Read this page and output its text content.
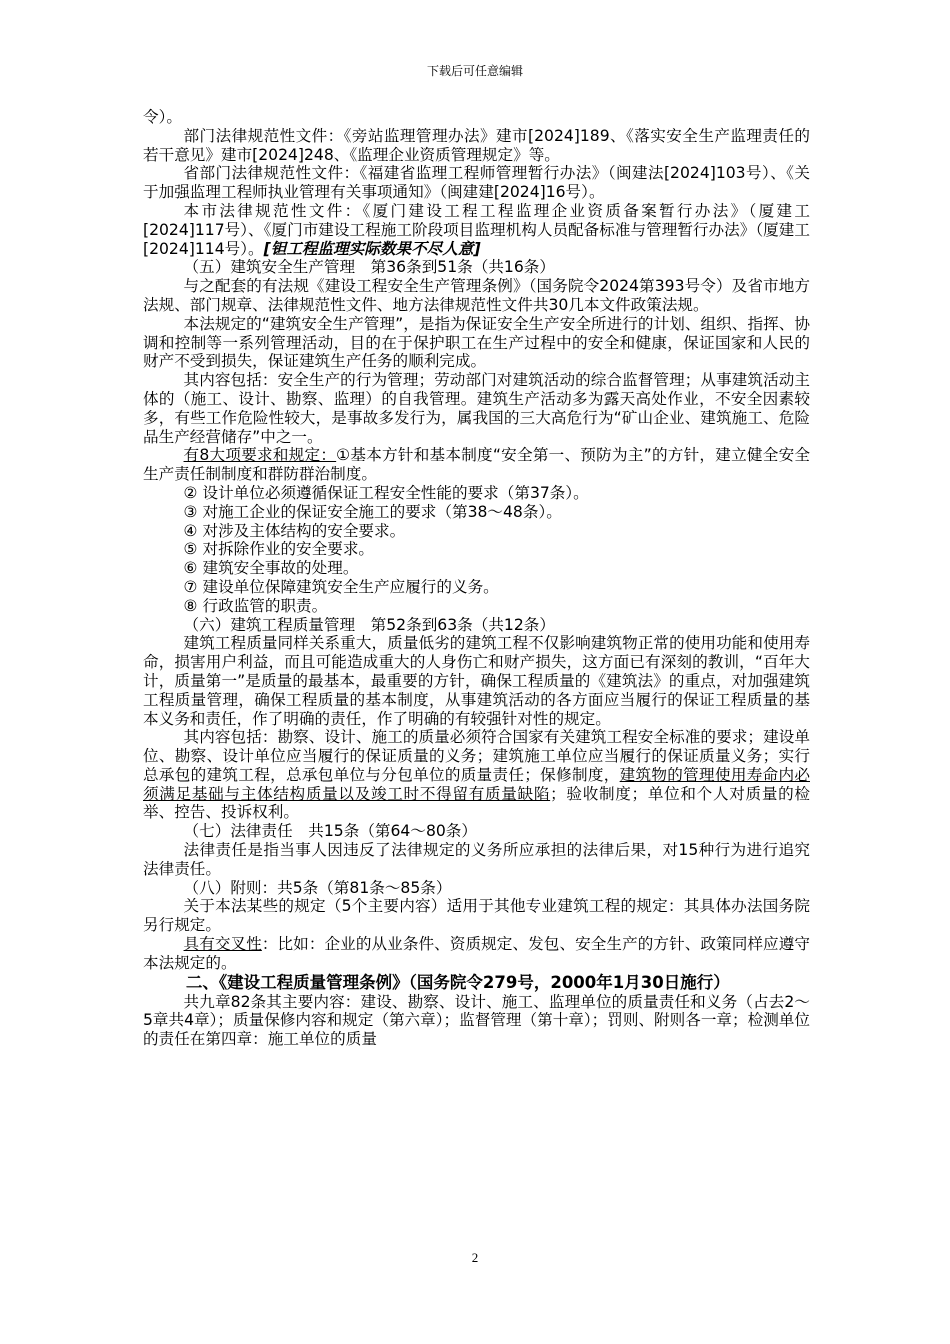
下载后可任意编辑

令）。

部门法律规范性文件：《旁站监理管理办法》建市[2024]189、《落实安全生产监理责任的若干意见》建市[2024]248、《监理企业资质管理规定》等。

省部门法律规范性文件：《福建省监理工程师管理暂行办法》（闽建法[2024]103号）、《关于加强监理工程师执业管理有关事项通知》（闽建建[2024]16号）。

本市法律规范性文件：《厦门建设工程工程监理企业资质备案暂行办法》（厦建工[2024]117号）、《厦门市建设工程施工阶段项目监理机构人员配备标准与管理暂行办法》（厦建工[2024]114号）。[钽工程监理实际数果不尽人意]

（五）建筑安全生产管理　第36条到51条（共16条）

与之配套的有法规《建设工程安全生产管理条例》（国务院令2024第393号令）及省市地方法规、部门规章、法律规范性文件、地方法律规范性文件共30几本文件政策法规。

本法规定的“建筑安全生产管理”，是指为保证安全生产安全所进行的计划、组织、指挥、协调和控制等一系列管理活动，目的在于保护职工在生产过程中的安全和健康，保证国家和人民的财产不受到损失，保证建筑生产任务的顺利完成。

其内容包括：安全生产的行为管理；劳动部门对建筑活动的综合监督管理；从事建筑活动主体的（施工、设计、勘察、监理）的自我管理。建筑生产活动多为露天高处作业，不安全因素较多，有些工作危险性较大，是事故多发行为，属我国的三大高危行为“矿山企业、建筑施工、危险品生产经营储存”中之一。

有8大项要求和规定：①基本方针和基本制度“安全第一、预防为主”的方针，建立健全安全生产责任制制度和群防群治制度。

② 设计单位必须遵循保证工程安全性能的要求（第37条）。

③ 对施工企业的保证安全施工的要求（第38～48条）。

④ 对涉及主体结构的安全要求。

⑤ 对拆除作业的安全要求。

⑥ 建筑安全事故的处理。

⑦ 建设单位保障建筑安全生产应履行的义务。

⑧ 行政监管的职责。

（六）建筑工程质量管理　第52条到63条（共12条）

建筑工程质量同样关系重大，质量低劣的建筑工程不仅影响建筑物正常的使用功能和使用寿命，损害用户利益，而且可能造成重大的人身伤亡和财产损失，这方面已有深刻的教训，“百年大计，质量第一”是质量的最基本，最重要的方针，确保工程质量的《建筑法》的重点，对加强建筑工程质量管理，确保工程质量的基本制度，从事建筑活动的各方面应当履行的保证工程质量的基本义务和责任，作了明确的责任，作了明确的有较强针对性的规定。

其内容包括：勘察、设计、施工的质量必须符合国家有关建筑工程安全标准的要求；建设单位、勘察、设计单位应当履行的保证质量的义务；建筑施工单位应当履行的保证质量义务；实行总承包的建筑工程，总承包单位与分包单位的质量责任；保修制度，建筑物的管理使用寿命内必须满足基础与主体结构质量以及竣工时不得留有质量缺陷；验收制度；单位和个人对质量的检举、控告、投诉权利。

（七）法律责任　共15条（第64～80条）

法律责任是指当事人因违反了法律规定的义务所应承担的法律后果，对15种行为进行追究法律责任。

（八）附则：共5条（第81条～85条）

关于本法某些的规定（5个主要内容）适用于其他专业建筑工程的规定：其具体办法国务院另行规定。

具有交叉性：比如：企业的从业条件、资质规定、发包、安全生产的方针、政策同样应遵守本法规定的。

二、《建设工程质量管理条例》（国务院令279号，2000年1月30日施行）

共九章82条其主要内容：建设、勘察、设计、施工、监理单位的质量责任和义务（占去2～5章共4章）；质量保修内容和规定（第六章）；监督管理（第十章）；罚则、附则各一章；检测单位的责任在第四章：施工单位的质量

2
